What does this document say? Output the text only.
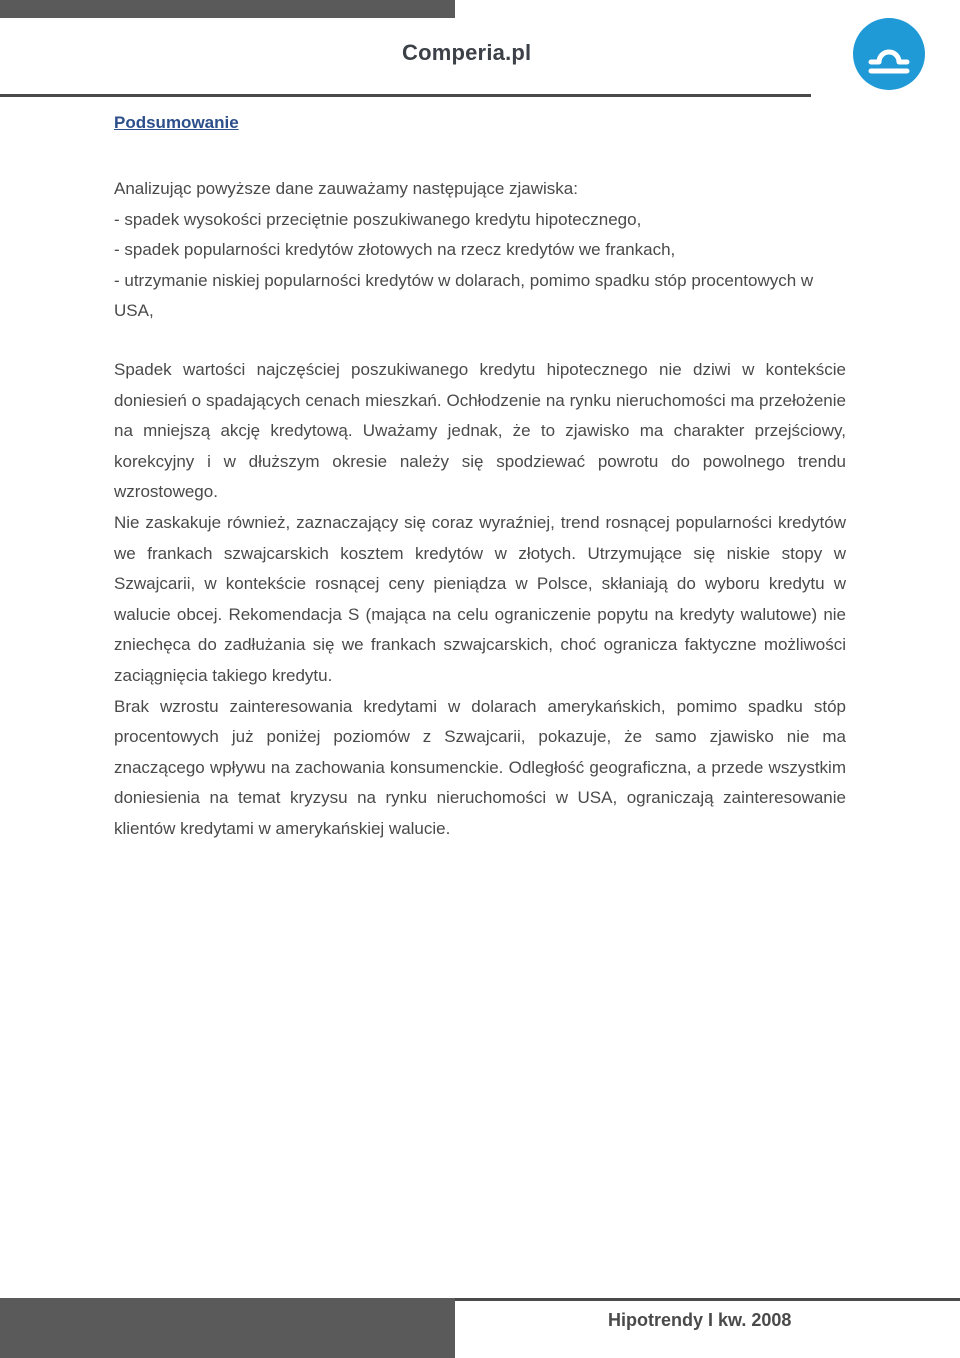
Comperia.pl
Podsumowanie

Analizując powyższe dane zauważamy następujące zjawiska:

- spadek wysokości przeciętnie poszukiwanego kredytu hipotecznego,

- spadek popularności kredytów złotowych na rzecz kredytów we frankach,

- utrzymanie niskiej popularności kredytów w dolarach, pomimo spadku stóp procentowych w USA,

Spadek wartości najczęściej poszukiwanego kredytu hipotecznego nie dziwi w kontekście doniesień o spadających cenach mieszkań. Ochłodzenie na rynku nieruchomości ma przełożenie na mniejszą akcję kredytową. Uważamy jednak, że to zjawisko ma charakter przejściowy, korekcyjny i w dłuższym okresie należy się spodziewać powrotu do powolnego trendu wzrostowego.

Nie zaskakuje również, zaznaczający się coraz wyraźniej, trend rosnącej popularności kredytów we frankach szwajcarskich kosztem kredytów w złotych. Utrzymujące się niskie stopy w Szwajcarii, w kontekście rosnącej ceny pieniądza w Polsce, skłaniają do wyboru kredytu w walucie obcej. Rekomendacja S (mająca na celu ograniczenie popytu na kredyty walutowe) nie zniechęca do zadłużania się we frankach szwajcarskich, choć ogranicza faktyczne możliwości zaciągnięcia takiego kredytu.

Brak wzrostu zainteresowania kredytami w dolarach amerykańskich, pomimo spadku stóp procentowych już poniżej poziomów z Szwajcarii, pokazuje, że samo zjawisko nie ma znaczącego wpływu na zachowania konsumenckie. Odległość geograficzna, a przede wszystkim doniesienia na temat kryzysu na rynku nieruchomości w USA, ograniczają zainteresowanie klientów kredytami w amerykańskiej walucie.

Hipotrendy I kw. 2008
